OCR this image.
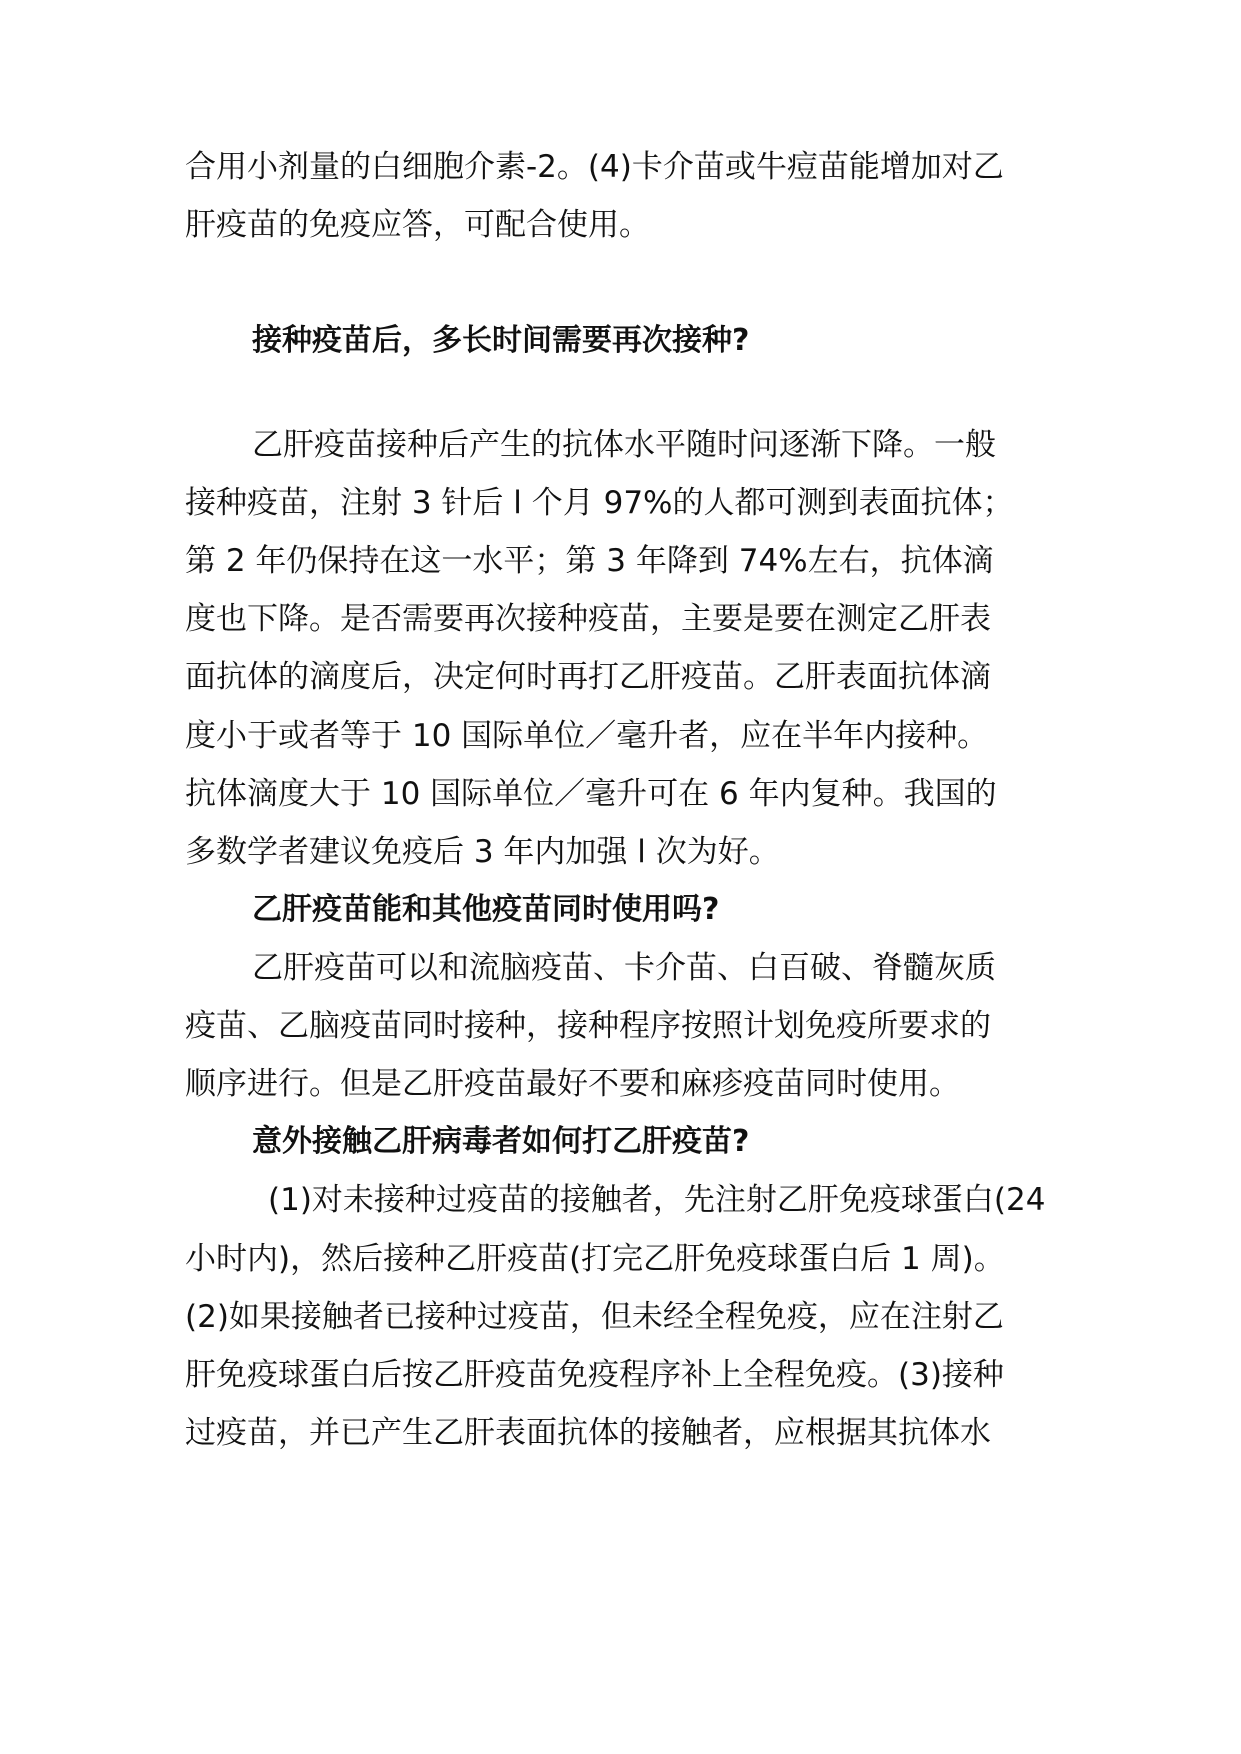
合用小剂量的白细胞介素-2。(4)卡介苗或牛痘苗能增加对乙
肝疫苗的免疫应答，可配合使用。
接种疫苗后，多长时间需要再次接种?
乙肝疫苗接种后产生的抗体水平随时问逐渐下降。一般
接种疫苗，注射 3 针后 l 个月 97%的人都可测到表面抗体；
第 2 年仍保持在这一水平；第 3 年降到 74%左右，抗体滴
度也下降。是否需要再次接种疫苗，主要是要在测定乙肝表
面抗体的滴度后，决定何时再打乙肝疫苗。乙肝表面抗体滴
度小于或者等于 10 国际单位／毫升者，应在半年内接种。
抗体滴度大于 10 国际单位／毫升可在 6 年内复种。我国的
多数学者建议免疫后 3 年内加强 l 次为好。
乙肝疫苗能和其他疫苗同时使用吗?
乙肝疫苗可以和流脑疫苗、卡介苗、白百破、脊髓灰质
疫苗、乙脑疫苗同时接种，接种程序按照计划免疫所要求的
顺序进行。但是乙肝疫苗最好不要和麻疹疫苗同时使用。
意外接触乙肝病毒者如何打乙肝疫苗?
(1)对未接种过疫苗的接触者，先注射乙肝免疫球蛋白(24
小时内)，然后接种乙肝疫苗(打完乙肝免疫球蛋白后 1 周)。
(2)如果接触者已接种过疫苗，但未经全程免疫，应在注射乙
肝免疫球蛋白后按乙肝疫苗免疫程序补上全程免疫。(3)接种
过疫苗，并已产生乙肝表面抗体的接触者，应根据其抗体水
